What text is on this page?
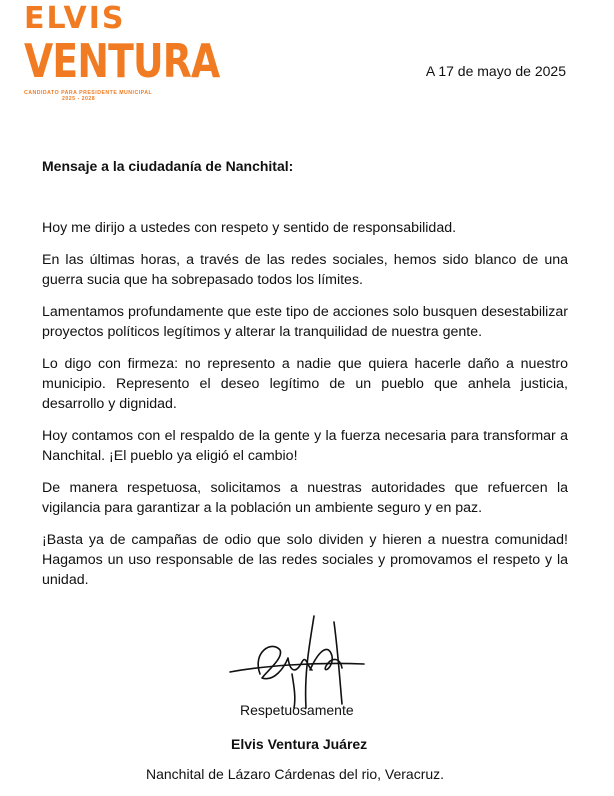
ELVIS
VENTURA
CANDIDATO PARA PRESIDENTE MUNICIPAL
2025 - 2028
A 17 de mayo de 2025
Mensaje a la ciudadanía de Nanchital:

Hoy me dirijo a ustedes con respeto y sentido de responsabilidad.

En las últimas horas, a través de las redes sociales, hemos sido blanco de una guerra sucia que ha sobrepasado todos los límites.

Lamentamos profundamente que este tipo de acciones solo busquen desestabilizar proyectos políticos legítimos y alterar la tranquilidad de nuestra gente.

Lo digo con firmeza: no represento a nadie que quiera hacerle daño a nuestro municipio. Represento el deseo legítimo de un pueblo que anhela justicia, desarrollo y dignidad.

Hoy contamos con el respaldo de la gente y la fuerza necesaria para transformar a Nanchital. ¡El pueblo ya eligió el cambio!

De manera respetuosa, solicitamos a nuestras autoridades que refuercen la vigilancia para garantizar a la población un ambiente seguro y en paz.

¡Basta ya de campañas de odio que solo dividen y hieren a nuestra comunidad! Hagamos un uso responsable de las redes sociales y promovamos el respeto y la unidad.

Respetuosamente
Elvis Ventura Juárez
Nanchital de Lázaro Cárdenas del rio, Veracruz.
